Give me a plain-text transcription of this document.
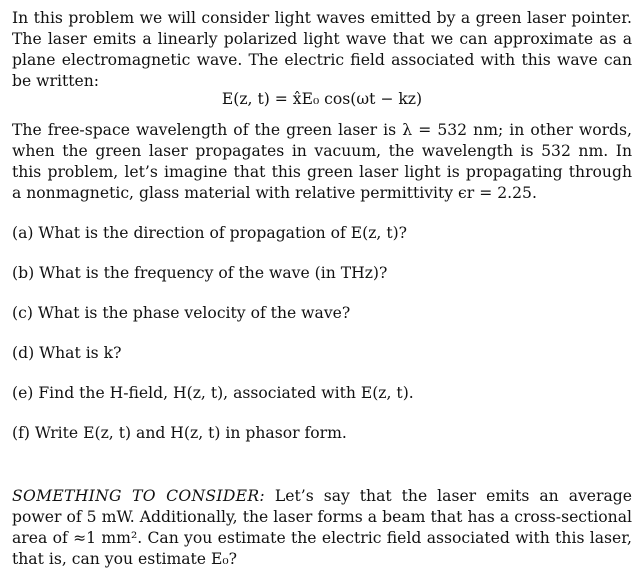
In this problem we will consider light waves emitted by a green laser pointer. The laser emits a linearly polarized light wave that we can approximate as a plane electromagnetic wave. The electric field associated with this wave can be written:

E(z, t) = x̂E₀ cos(ωt − kz)

The free-space wavelength of the green laser is λ = 532 nm; in other words, when the green laser propagates in vacuum, the wavelength is 532 nm. In this problem, let’s imagine that this green laser light is propagating through a nonmagnetic, glass material with relative permittivity ϵr = 2.25.

(a) What is the direction of propagation of E(z, t)?

(b) What is the frequency of the wave (in THz)?

(c) What is the phase velocity of the wave?

(d) What is k?

(e) Find the H-field, H(z, t), associated with E(z, t).

(f) Write E(z, t) and H(z, t) in phasor form.

SOMETHING TO CONSIDER: Let’s say that the laser emits an average power of 5 mW. Additionally, the laser forms a beam that has a cross-sectional area of ≈1 mm². Can you estimate the electric field associated with this laser, that is, can you estimate E₀?
